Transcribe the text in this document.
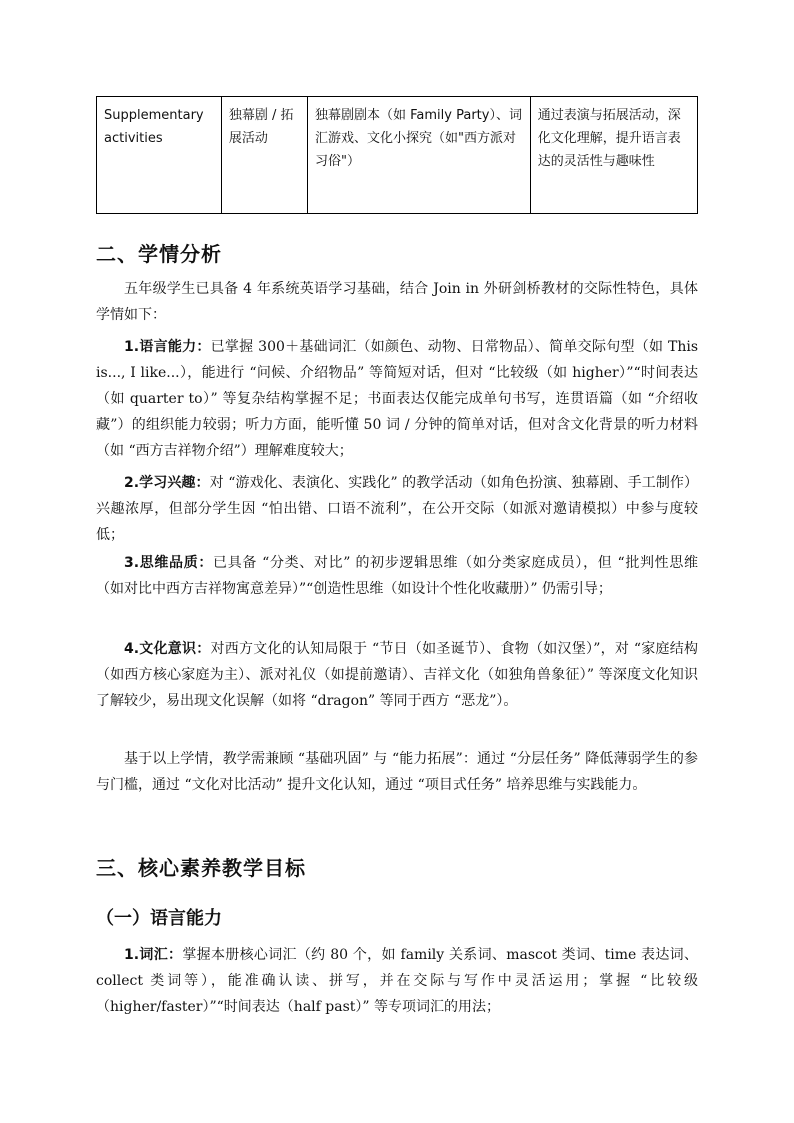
Supplementary activities	独幕剧 / 拓展活动	独幕剧剧本（如 Family Party）、词汇游戏、文化小探究（如"西方派对习俗"）	通过表演与拓展活动，深化文化理解，提升语言表达的灵活性与趣味性
二、学情分析
五年级学生已具备 4 年系统英语学习基础，结合 Join in 外研剑桥教材的交际性特色，具体学情如下：
1.语言能力：已掌握 300＋基础词汇（如颜色、动物、日常物品）、简单交际句型（如 This is..., I like...），能进行 “问候、介绍物品” 等简短对话，但对 “比较级（如 higher）”“时间表达（如 quarter to）” 等复杂结构掌握不足；书面表达仅能完成单句书写，连贯语篇（如 “介绍收藏”）的组织能力较弱；听力方面，能听懂 50 词 / 分钟的简单对话，但对含文化背景的听力材料（如 “西方吉祥物介绍”）理解难度较大；
2.学习兴趣：对 “游戏化、表演化、实践化” 的教学活动（如角色扮演、独幕剧、手工制作）兴趣浓厚，但部分学生因 “怕出错、口语不流利”，在公开交际（如派对邀请模拟）中参与度较低；
3.思维品质：已具备 “分类、对比” 的初步逻辑思维（如分类家庭成员），但 “批判性思维（如对比中西方吉祥物寓意差异）”“创造性思维（如设计个性化收藏册）” 仍需引导；
4.文化意识：对西方文化的认知局限于 “节日（如圣诞节）、食物（如汉堡）”，对 “家庭结构（如西方核心家庭为主）、派对礼仪（如提前邀请）、吉祥文化（如独角兽象征）” 等深度文化知识了解较少，易出现文化误解（如将 “dragon” 等同于西方 “恶龙”）。
基于以上学情，教学需兼顾 “基础巩固” 与 “能力拓展”：通过 “分层任务” 降低薄弱学生的参与门槛，通过 “文化对比活动” 提升文化认知，通过 “项目式任务” 培养思维与实践能力。
三、核心素养教学目标
（一）语言能力
1.词汇：掌握本册核心词汇（约 80 个，如 family 关系词、mascot 类词、time 表达词、collect 类词等），能准确认读、拼写，并在交际与写作中灵活运用；掌握 “比较级（higher/faster）”“时间表达（half past）” 等专项词汇的用法；
